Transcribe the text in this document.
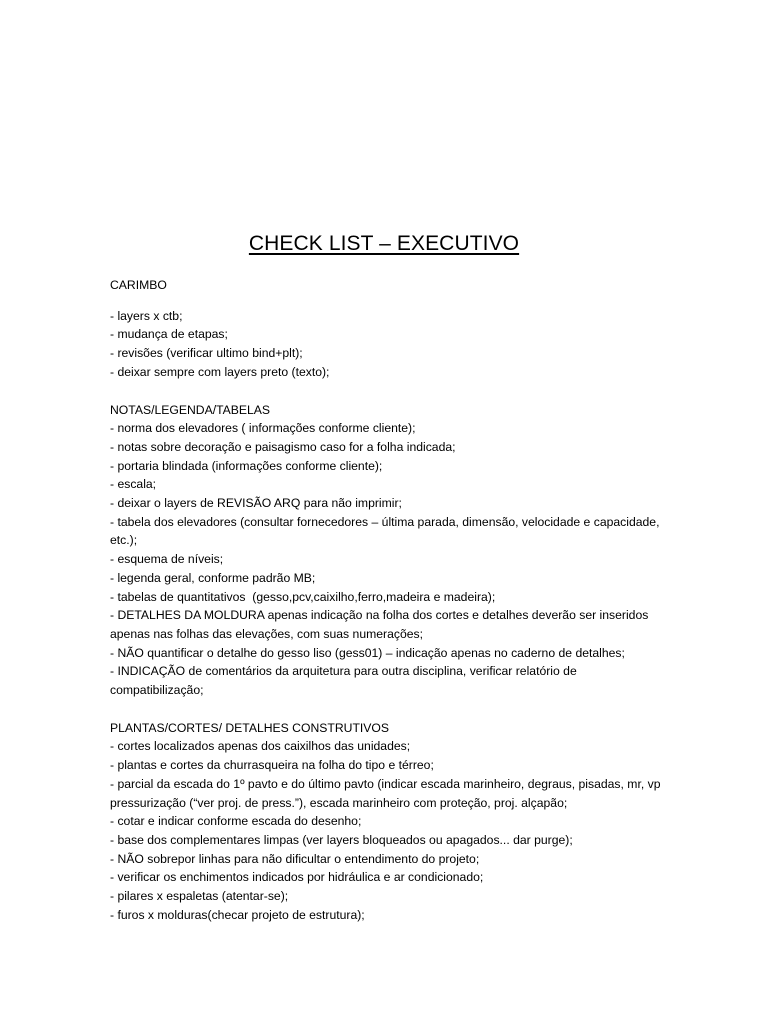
CHECK LIST – EXECUTIVO
CARIMBO
- layers x ctb;
- mudança de etapas;
- revisões (verificar ultimo bind+plt);
- deixar sempre com layers preto (texto);
NOTAS/LEGENDA/TABELAS
- norma dos elevadores ( informações conforme cliente);
- notas sobre decoração e paisagismo caso for a folha indicada;
- portaria blindada (informações conforme cliente);
- escala;
- deixar o layers de REVISÃO ARQ para não imprimir;
- tabela dos elevadores (consultar fornecedores – última parada, dimensão, velocidade e capacidade, etc.);
- esquema de níveis;
- legenda geral, conforme padrão MB;
- tabelas de quantitativos  (gesso,pcv,caixilho,ferro,madeira e madeira);
- DETALHES DA MOLDURA apenas indicação na folha dos cortes e detalhes deverão ser inseridos apenas nas folhas das elevações, com suas numerações;
- NÃO quantificar o detalhe do gesso liso (gess01) – indicação apenas no caderno de detalhes;
- INDICAÇÃO de comentários da arquitetura para outra disciplina, verificar relatório de compatibilização;
PLANTAS/CORTES/ DETALHES CONSTRUTIVOS
- cortes localizados apenas dos caixilhos das unidades;
- plantas e cortes da churrasqueira na folha do tipo e térreo;
- parcial da escada do 1º pavto e do último pavto (indicar escada marinheiro, degraus, pisadas, mr, vp pressurização (“ver proj. de press.”), escada marinheiro com proteção, proj. alçapão;
- cotar e indicar conforme escada do desenho;
- base dos complementares limpas (ver layers bloqueados ou apagados... dar purge);
- NÃO sobrepor linhas para não dificultar o entendimento do projeto;
- verificar os enchimentos indicados por hidráulica e ar condicionado;
- pilares x espaletas (atentar-se);
- furos x molduras(checar projeto de estrutura);
